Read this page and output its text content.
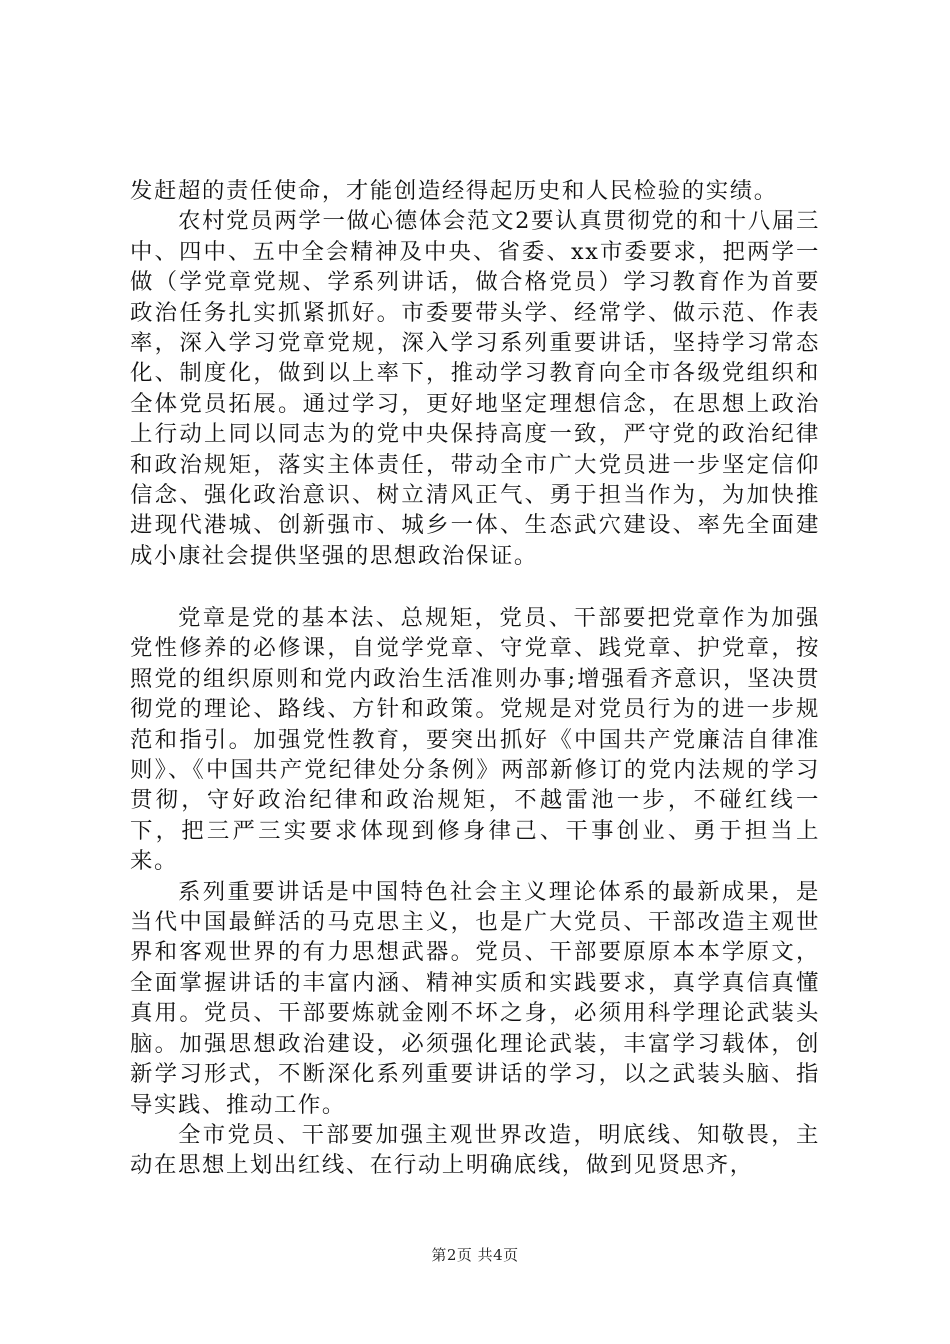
发赶超的责任使命，才能创造经得起历史和人民检验的实绩。

农村党员两学一做心德体会范文2要认真贯彻党的和十八届三中、四中、五中全会精神及中央、省委、xx市委要求，把两学一做（学党章党规、学系列讲话，做合格党员）学习教育作为首要政治任务扎实抓紧抓好。市委要带头学、经常学、做示范、作表率，深入学习党章党规，深入学习系列重要讲话，坚持学习常态化、制度化，做到以上率下，推动学习教育向全市各级党组织和全体党员拓展。通过学习，更好地坚定理想信念，在思想上政治上行动上同以同志为的党中央保持高度一致，严守党的政治纪律和政治规矩，落实主体责任，带动全市广大党员进一步坚定信仰信念、强化政治意识、树立清风正气、勇于担当作为，为加快推进现代港城、创新强市、城乡一体、生态武穴建设、率先全面建成小康社会提供坚强的思想政治保证。

党章是党的基本法、总规矩，党员、干部要把党章作为加强党性修养的必修课，自觉学党章、守党章、践党章、护党章，按照党的组织原则和党内政治生活准则办事;增强看齐意识，坚决贯彻党的理论、路线、方针和政策。党规是对党员行为的进一步规范和指引。加强党性教育，要突出抓好《中国共产党廉洁自律准则》、《中国共产党纪律处分条例》两部新修订的党内法规的学习贯彻，守好政治纪律和政治规矩，不越雷池一步，不碰红线一下，把三严三实要求体现到修身律己、干事创业、勇于担当上来。

系列重要讲话是中国特色社会主义理论体系的最新成果，是当代中国最鲜活的马克思主义，也是广大党员、干部改造主观世界和客观世界的有力思想武器。党员、干部要原原本本学原文，全面掌握讲话的丰富内涵、精神实质和实践要求，真学真信真懂真用。党员、干部要炼就金刚不坏之身，必须用科学理论武装头脑。加强思想政治建设，必须强化理论武装，丰富学习载体，创新学习形式，不断深化系列重要讲话的学习，以之武装头脑、指导实践、推动工作。

全市党员、干部要加强主观世界改造，明底线、知敬畏，主动在思想上划出红线、在行动上明确底线，做到见贤思齐，

第2页 共4页
